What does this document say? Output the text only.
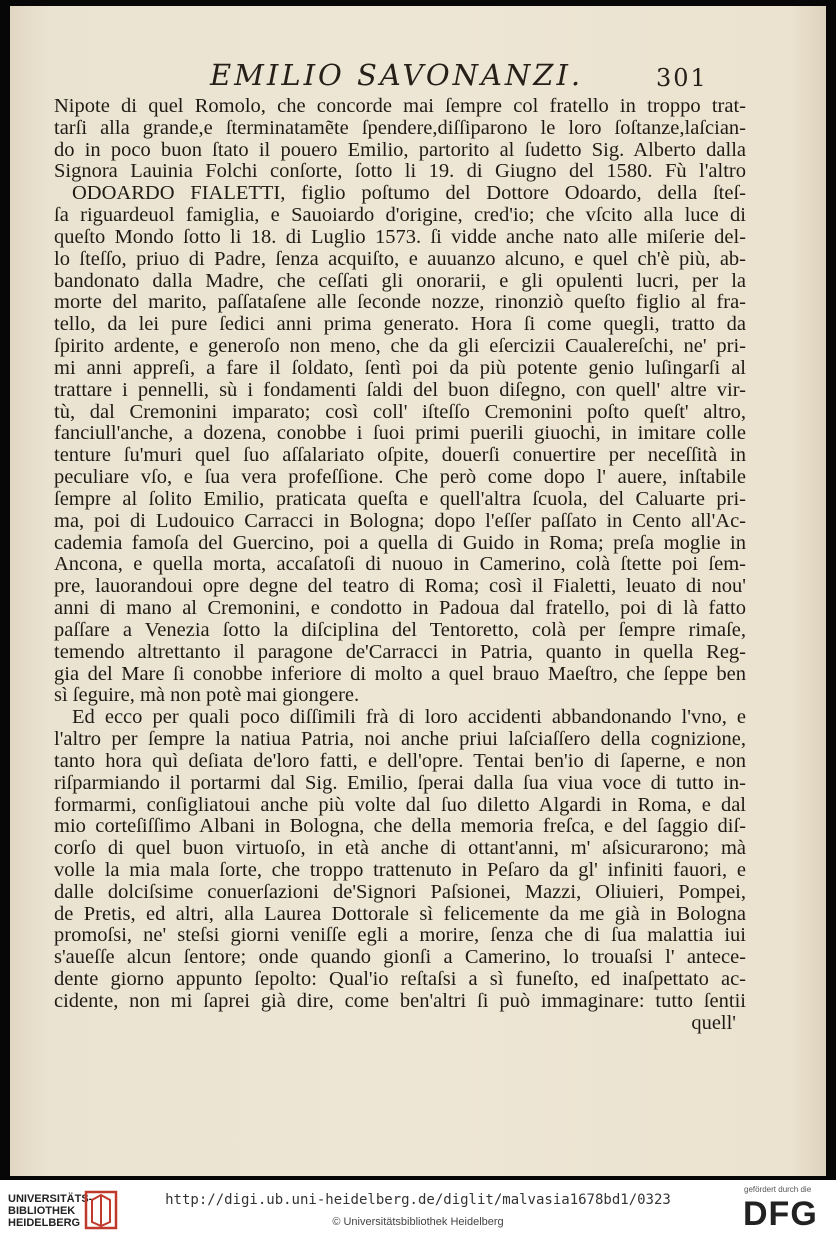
EMILIO SAVONANZI.	301
Nipote di quel Romolo, che concorde mai ſempre col fratello in troppo trat-
tarſi alla grande,e ſterminatamẽte ſpendere,diſſiparono le loro ſoſtanze,laſcian-
do in poco buon ſtato il pouero Emilio, partorito al ſudetto Sig. Alberto dalla
Signora Lauinia Folchi conſorte, ſotto li 19. di Giugno del 1580. Fù l'altro
ODOARDO FIALETTI, figlio poſtumo del Dottore Odoardo, della ſteſ-
ſa riguardeuol famiglia, e Sauoiardo d'origine, cred'io; che vſcito alla luce di
queſto Mondo ſotto li 18. di Luglio 1573. ſi vidde anche nato alle miſerie del-
lo ſteſſo, priuo di Padre, ſenza acquiſto, e auuanzo alcuno, e quel ch'è più, ab-
bandonato dalla Madre, che ceſſati gli onorarii, e gli opulenti lucri, per la
morte del marito, paſſataſene alle ſeconde nozze, rinonziò queſto figlio al fra-
tello, da lei pure ſedici anni prima generato. Hora ſi come quegli, tratto da
ſpirito ardente, e generoſo non meno, che da gli eſercizii Caualereſchi, ne' pri-
mi anni appreſi, a fare il ſoldato, ſentì poi da più potente genio luſingarſi al
trattare i pennelli, sù i fondamenti ſaldi del buon diſegno, con quell' altre vir-
tù, dal Cremonini imparato; così coll' iſteſſo Cremonini poſto queſt' altro,
fanciull'anche, a dozena, conobbe i ſuoi primi puerili giuochi, in imitare colle
tenture ſu'muri quel ſuo aſſalariato oſpite, douerſi conuertire per neceſſità in
peculiare vſo, e ſua vera profeſſione. Che però come dopo l' auere, inſtabile
ſempre al ſolito Emilio, praticata queſta e quell'altra ſcuola, del Caluarte pri-
ma, poi di Ludouico Carracci in Bologna; dopo l'eſſer paſſato in Cento all'Ac-
cademia famoſa del Guercino, poi a quella di Guido in Roma; preſa moglie in
Ancona, e quella morta, accaſatoſi di nuouo in Camerino, colà ſtette poi ſem-
pre, lauorandoui opre degne del teatro di Roma; così il Fialetti, leuato di nou'
anni di mano al Cremonini, e condotto in Padoua dal fratello, poi di là fatto
paſſare a Venezia ſotto la diſciplina del Tentoretto, colà per ſempre rimaſe,
temendo altrettanto il paragone de'Carracci in Patria, quanto in quella Reg-
gia del Mare ſi conobbe inferiore di molto a quel brauo Maeſtro, che ſeppe ben
sì ſeguire, mà non potè mai giongere.
Ed ecco per quali poco diſſimili frà di loro accidenti abbandonando l'vno, e
l'altro per ſempre la natiua Patria, noi anche priui laſciaſſero della cognizione,
tanto hora quì deſiata de'loro fatti, e dell'opre. Tentai ben'io di ſaperne, e non
riſparmiando il portarmi dal Sig. Emilio, ſperai dalla ſua viua voce di tutto in-
formarmi, conſigliatoui anche più volte dal ſuo diletto Algardi in Roma, e dal
mio corteſiſſimo Albani in Bologna, che della memoria freſca, e del ſaggio diſ-
corſo di quel buon virtuoſo, in età anche di ottant'anni, m' aſsicurarono; mà
volle la mia mala ſorte, che troppo trattenuto in Peſaro da gl' infiniti fauori, e
dalle dolciſsime conuerſazioni de'Signori Paſsionei, Mazzi, Oliuieri, Pompei,
de Pretis, ed altri, alla Laurea Dottorale sì felicemente da me già in Bologna
promoſsi, ne' steſsi giorni veniſſe egli a morire, ſenza che di ſua malattia iui
s'aueſſe alcun ſentore; onde quando gionſi a Camerino, lo trouaſsi l' antece-
dente giorno appunto ſepolto: Qual'io reſtaſsi a sì funeſto, ed inaſpettato ac-
cidente, non mi ſaprei già dire, come ben'altri ſi può immaginare: tutto ſentii
quell'
UNIVERSITÄTS-
BIBLIOTHEK
HEIDELBERG
http://digi.ub.uni-heidelberg.de/diglit/malvasia1678bd1/0323
© Universitätsbibliothek Heidelberg
gefördert durch die
DFG
